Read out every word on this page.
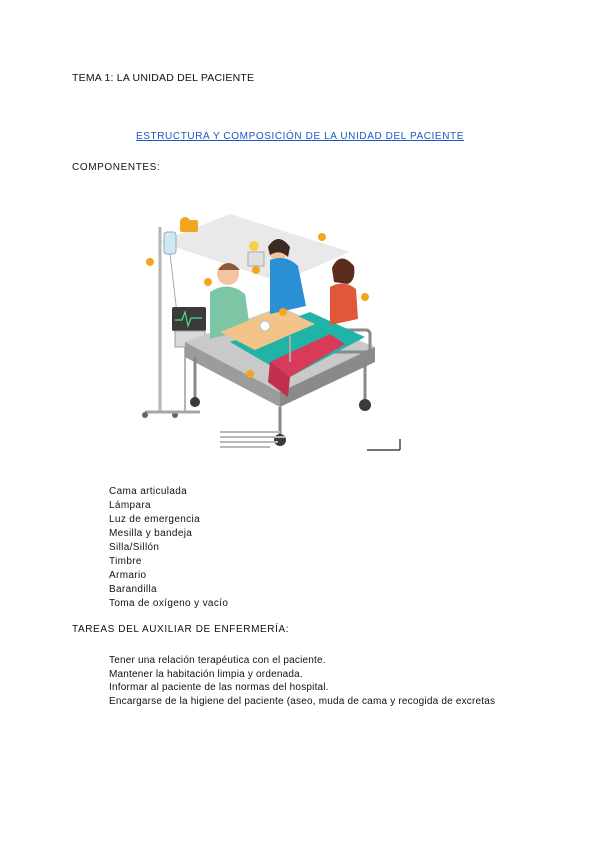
TEMA 1: LA UNIDAD DEL PACIENTE
ESTRUCTURA Y COMPOSICIÓN DE LA UNIDAD DEL PACIENTE
COMPONENTES:
Cama articulada
Lámpara
Luz de emergencia
Mesilla y bandeja
Silla/Sillón
Timbre
Armario
Barandilla
Toma de oxígeno y vacío
TAREAS DEL AUXILIAR DE ENFERMERÍA:
Tener una relación terapéutica con el paciente.
Mantener la habitación limpia y ordenada.
Informar al paciente de las normas del hospital.
Encargarse de la higiene del paciente (aseo, muda de cama y recogida de excretas
